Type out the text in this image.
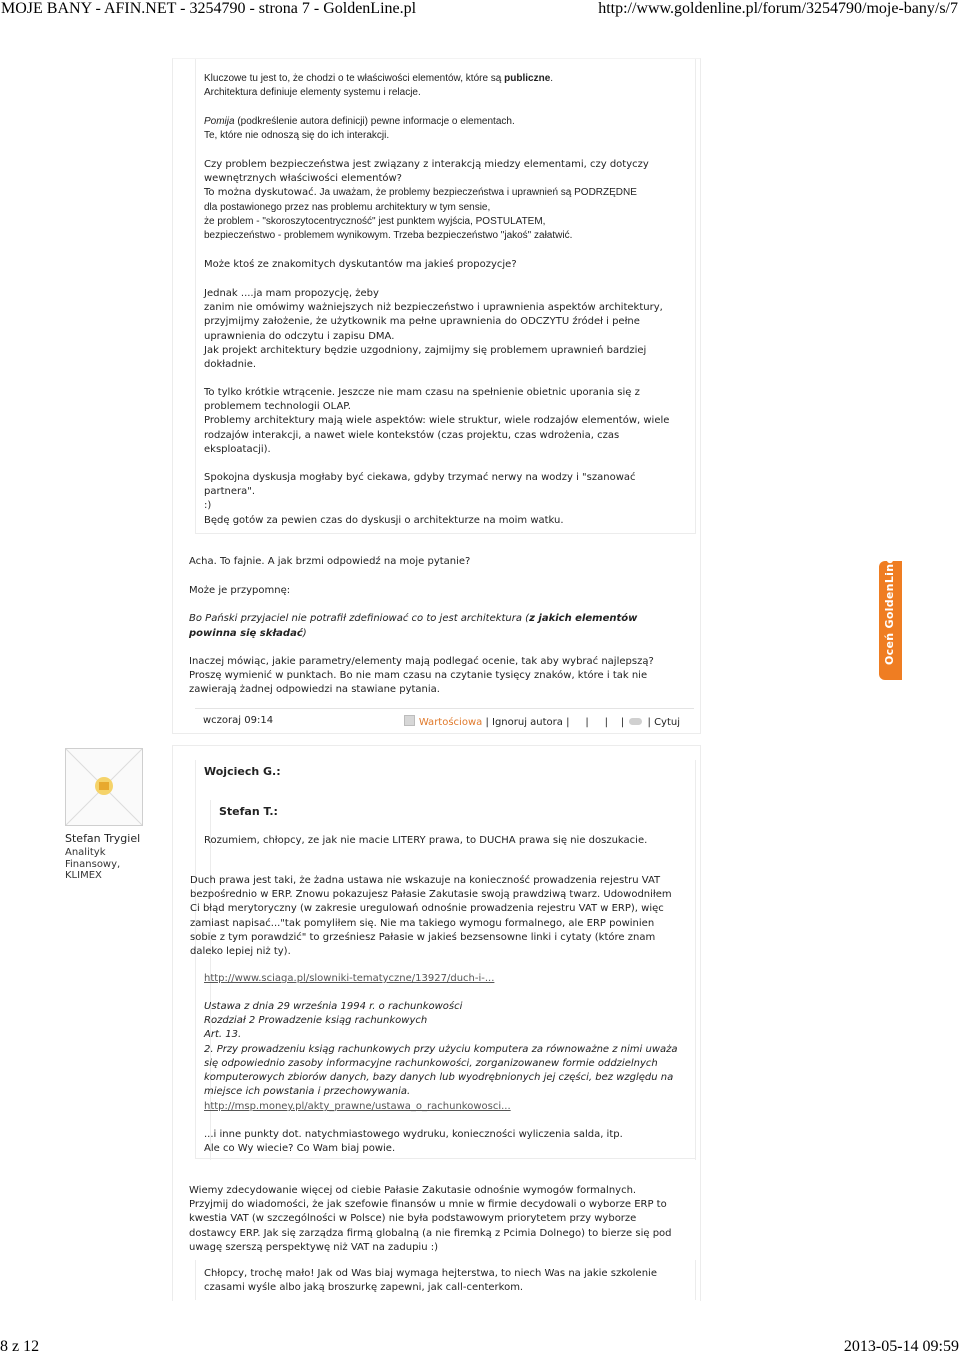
MOJE BANY - AFIN.NET - 3254790 - strona 7 - GoldenLine.pl	http://www.goldenline.pl/forum/3254790/moje-bany/s/7

Kluczowe tu jest to, że chodzi o te właściwości elementów, które są publiczne.

Architektura definiuje elementy systemu i relacje.

Pomija (podkreślenie autora definicji) pewne informacje o elementach.

Te, które nie odnoszą się do ich interakcji.

Czy problem bezpieczeństwa jest związany z interakcją miedzy elementami, czy dotyczy

wewnętrznych właściwości elementów?

To można dyskutować. Ja uważam, że problemy bezpieczeństwa i uprawnień są PODRZĘDNE

dla postawionego przez nas problemu architektury w tym sensie,

że problem - "skoroszytocentryczność" jest punktem wyjścia, POSTULATEM,

bezpieczeństwo - problemem wynikowym. Trzeba bezpieczeństwo "jakoś" załatwić.

Może ktoś ze znakomitych dyskutantów ma jakieś propozycje?

Jednak ....ja mam propozycję, żeby

zanim nie omówimy ważniejszych niż bezpieczeństwo i uprawnienia aspektów architektury,

przyjmijmy założenie, że użytkownik ma pełne uprawnienia do ODCZYTU źródeł i pełne

uprawnienia do odczytu i zapisu DMA.

Jak projekt architektury będzie uzgodniony, zajmijmy się problemem uprawnień bardziej

dokładnie.

To tylko krótkie wtrącenie. Jeszcze nie mam czasu na spełnienie obietnic uporania się z

problemem technologii OLAP.

Problemy architektury mają wiele aspektów: wiele struktur, wiele rodzajów elementów, wiele

rodzajów interakcji, a nawet wiele kontekstów (czas projektu, czas wdrożenia, czas

eksploatacji).

Spokojna dyskusja mogłaby być ciekawa, gdyby trzymać nerwy na wodzy i "szanować

partnera".

:)

Będę gotów za pewien czas do dyskusji o architekturze na moim watku.

Acha. To fajnie. A jak brzmi odpowiedź na moje pytanie?

Może je przypomnę:

Bo Pański przyjaciel nie potrafił zdefiniować co to jest architektura (z jakich elementów

powinna się składać)

Inaczej mówiąc, jakie parametry/elementy mają podlegać ocenie, tak aby wybrać najlepszą?

Proszę wymienić w punktach. Bo nie mam czasu na czytanie tysięcy znaków, które i tak nie

zawierają żadnej odpowiedzi na stawiane pytania.

wczoraj 09:14	Wartościowa | Ignoruj autora | | | | | Cytuj
Oceń GoldenLine
Stefan Trygiel
Analityk
Finansowy,
KLIMEX
Wojciech G.:
Stefan T.:

Rozumiem, chłopcy, ze jak nie macie LITERY prawa, to DUCHA prawa się nie doszukacie.

Duch prawa jest taki, że żadna ustawa nie wskazuje na konieczność prowadzenia rejestru VAT

bezpośrednio w ERP. Znowu pokazujesz Pałasie Zakutasie swoją prawdziwą twarz. Udowodniłem

Ci błąd merytoryczny (w zakresie uregulowań odnośnie prowadzenia rejestru VAT w ERP), więc

zamiast napisać..."tak pomyliłem się. Nie ma takiego wymogu formalnego, ale ERP powinien

sobie z tym porawdzić" to grześniesz Pałasie w jakieś bezsensowne linki i cytaty (które znam

daleko lepiej niż ty).

http://www.sciaga.pl/slowniki-tematyczne/13927/duch-i-...

Ustawa z dnia 29 września 1994 r. o rachunkowości

Rozdział 2 Prowadzenie ksiąg rachunkowych

Art. 13.

2. Przy prowadzeniu ksiąg rachunkowych przy użyciu komputera za równoważne z nimi uważa

się odpowiednio zasoby informacyjne rachunkowości, zorganizowanew formie oddzielnych

komputerowych zbiorów danych, bazy danych lub wyodrębnionych jej części, bez względu na

miejsce ich powstania i przechowywania.

http://msp.money.pl/akty_prawne/ustawa_o_rachunkowosci...

...i inne punkty dot. natychmiastowego wydruku, konieczności wyliczenia salda, itp.

Ale co Wy wiecie? Co Wam biaj powie.

Wiemy zdecydowanie więcej od ciebie Pałasie Zakutasie odnośnie wymogów formalnych.

Przyjmij do wiadomości, że jak szefowie finansów u mnie w firmie decydowali o wyborze ERP to

kwestia VAT (w szczególności w Polsce) nie była podstawowym priorytetem przy wyborze

dostawcy ERP. Jak się zarządza firmą globalną (a nie firemką z Pcimia Dolnego) to bierze się pod

uwagę szerszą perspektywę niż VAT na zadupiu :)

Chłopcy, trochę mało! Jak od Was biaj wymaga hejterstwa, to niech Was na jakie szkolenie

czasami wyśle albo jaką broszurkę zapewni, jak call-centerkom.

8 z 12	2013-05-14 09:59
